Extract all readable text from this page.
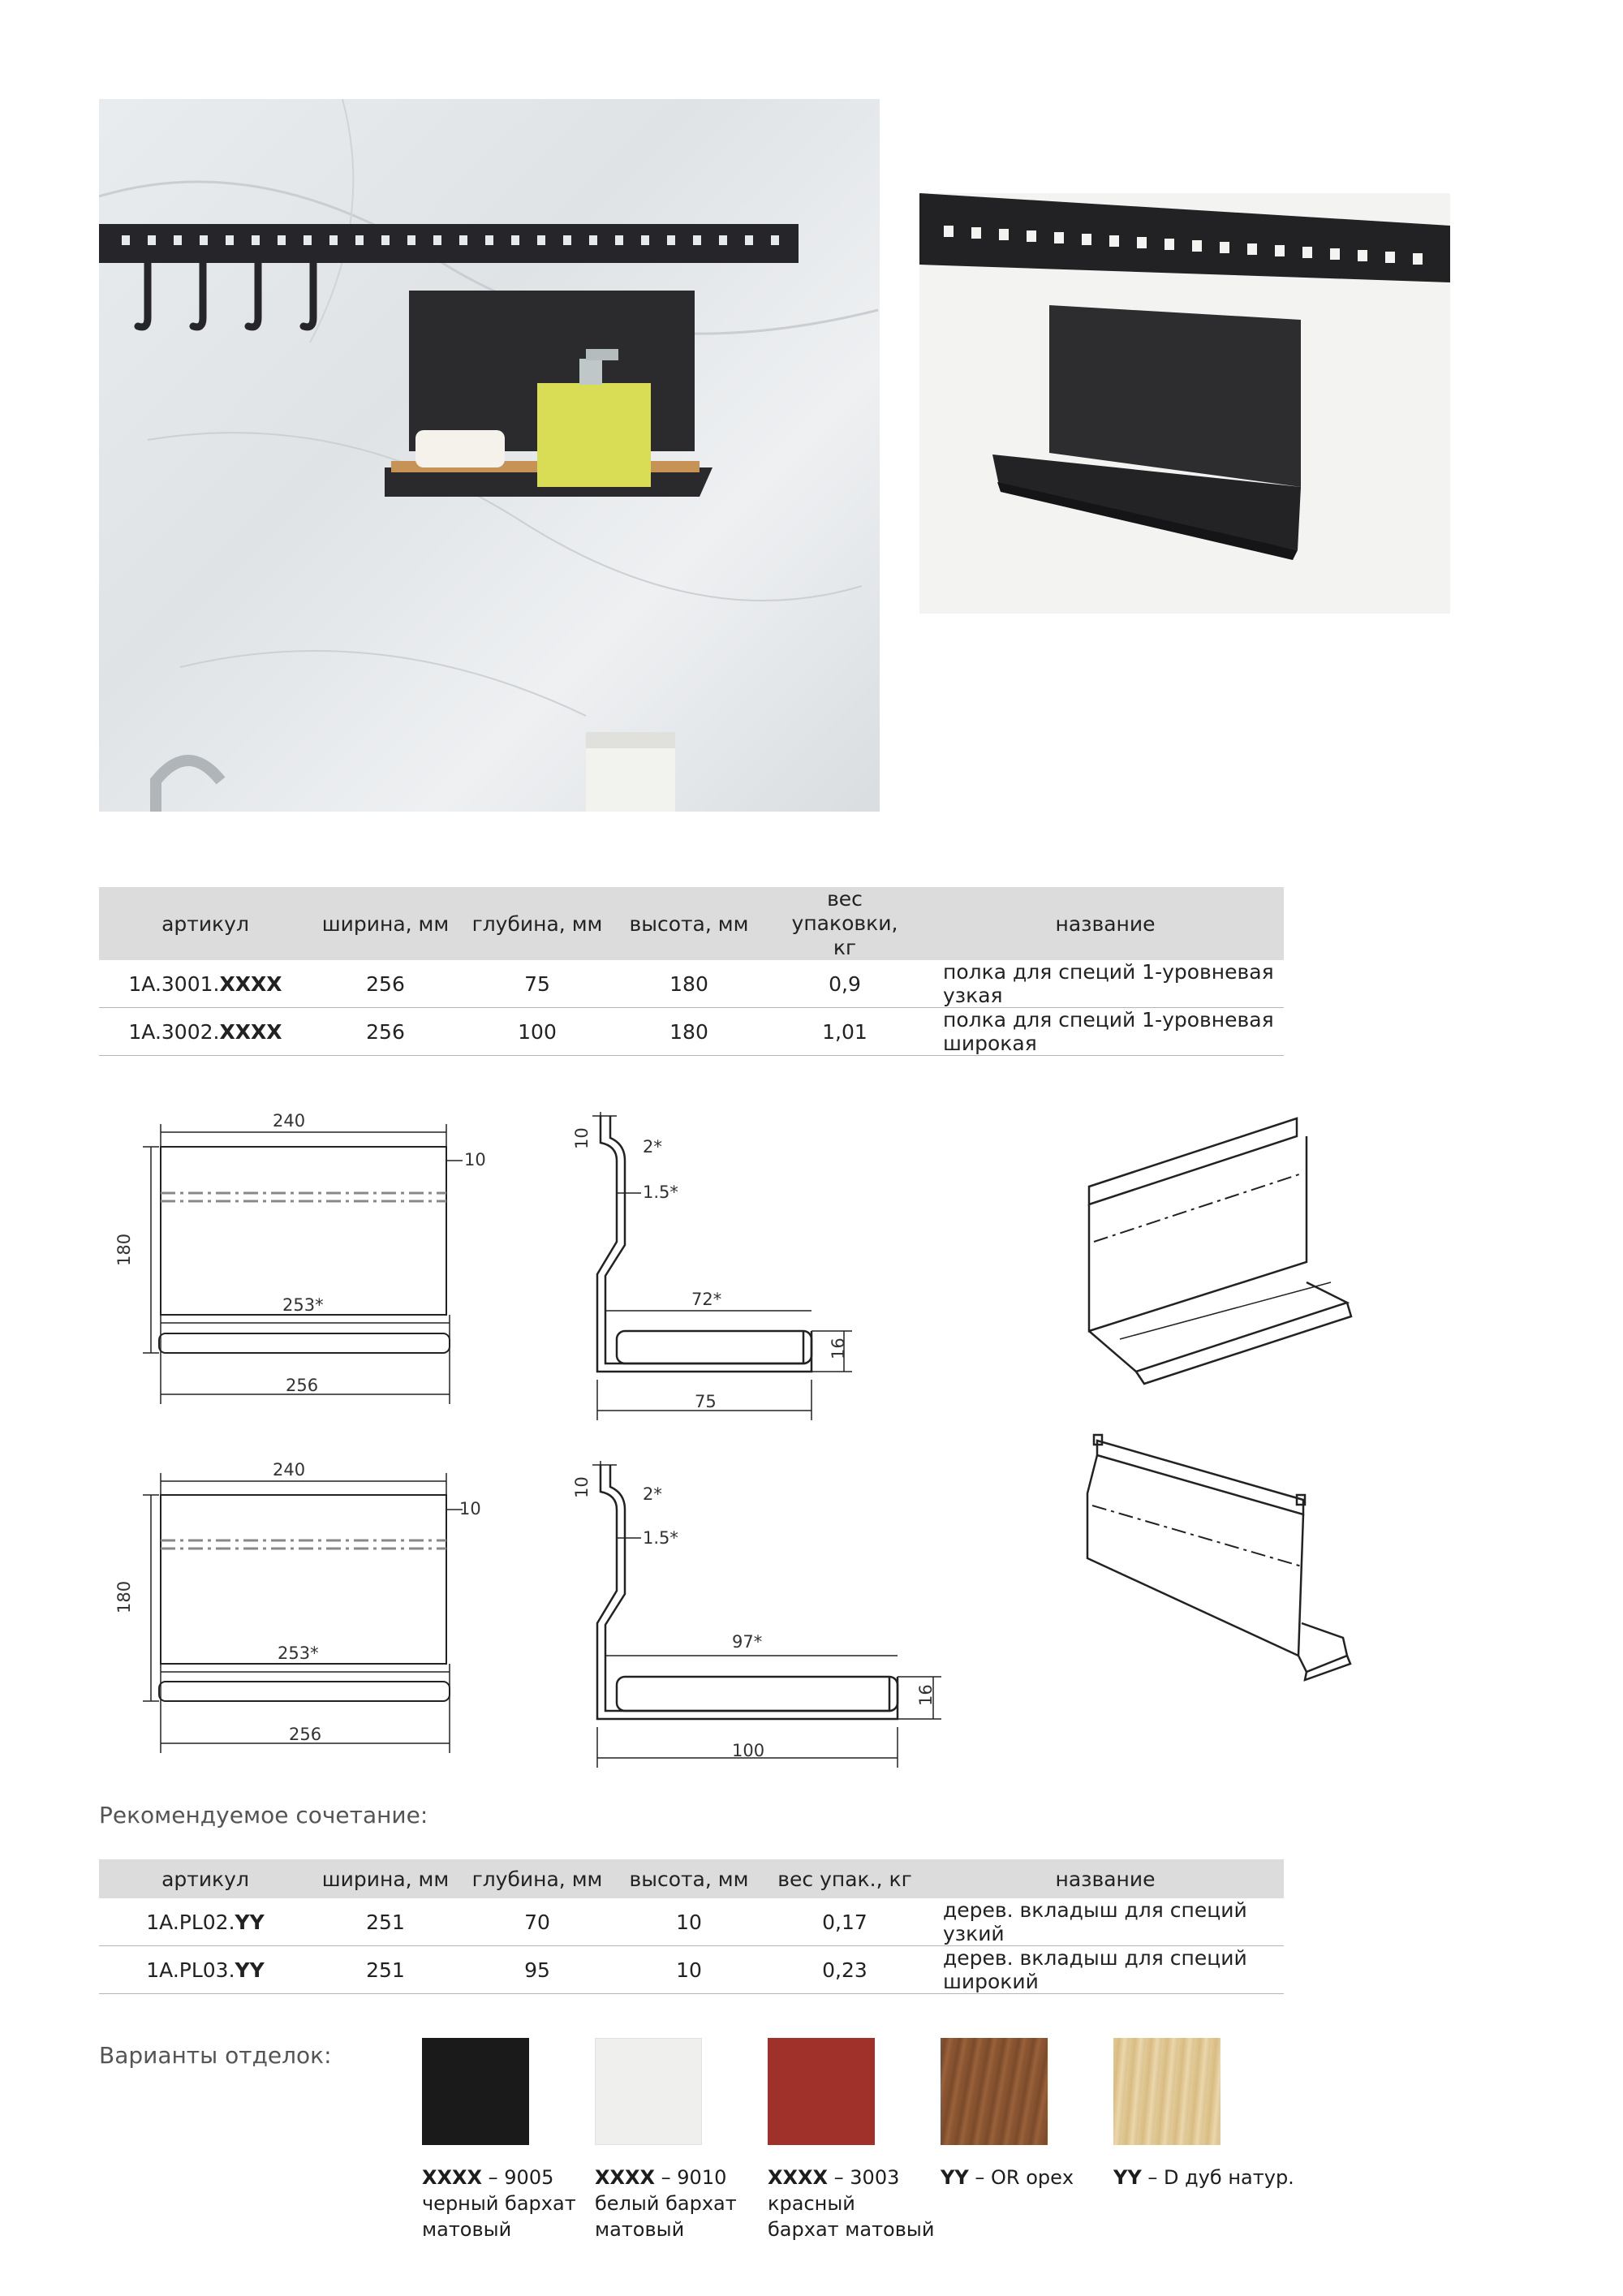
артикул	ширина, мм	глубина, мм	высота, мм	вес упаковки, кг	название
1A.3001.XXXX	256	75	180	0,9	полка для специй 1-уровневая узкая
1A.3002.XXXX	256	100	180	1,01	полка для специй 1-уровневая широкая
240
10
180
253*
256
10	2*
1.5*
72*
16
75
240
10
180
253*
256
10	2*
1.5*
97*
16
100
Рекомендуемое сочетание:
артикул	ширина, мм	глубина, мм	высота, мм	вес упак., кг	название
1A.PL02.YY	251	70	10	0,17	дерев. вкладыш для специй узкий
1A.PL03.YY	251	95	10	0,23	дерев. вкладыш для специй широкий
Варианты отделок:
XXXX – 9005
черный бархат
матовый
XXXX – 9010
белый бархат
матовый
XXXX – 3003
красный
бархат матовый
YY – OR орех YY – D дуб натур.
